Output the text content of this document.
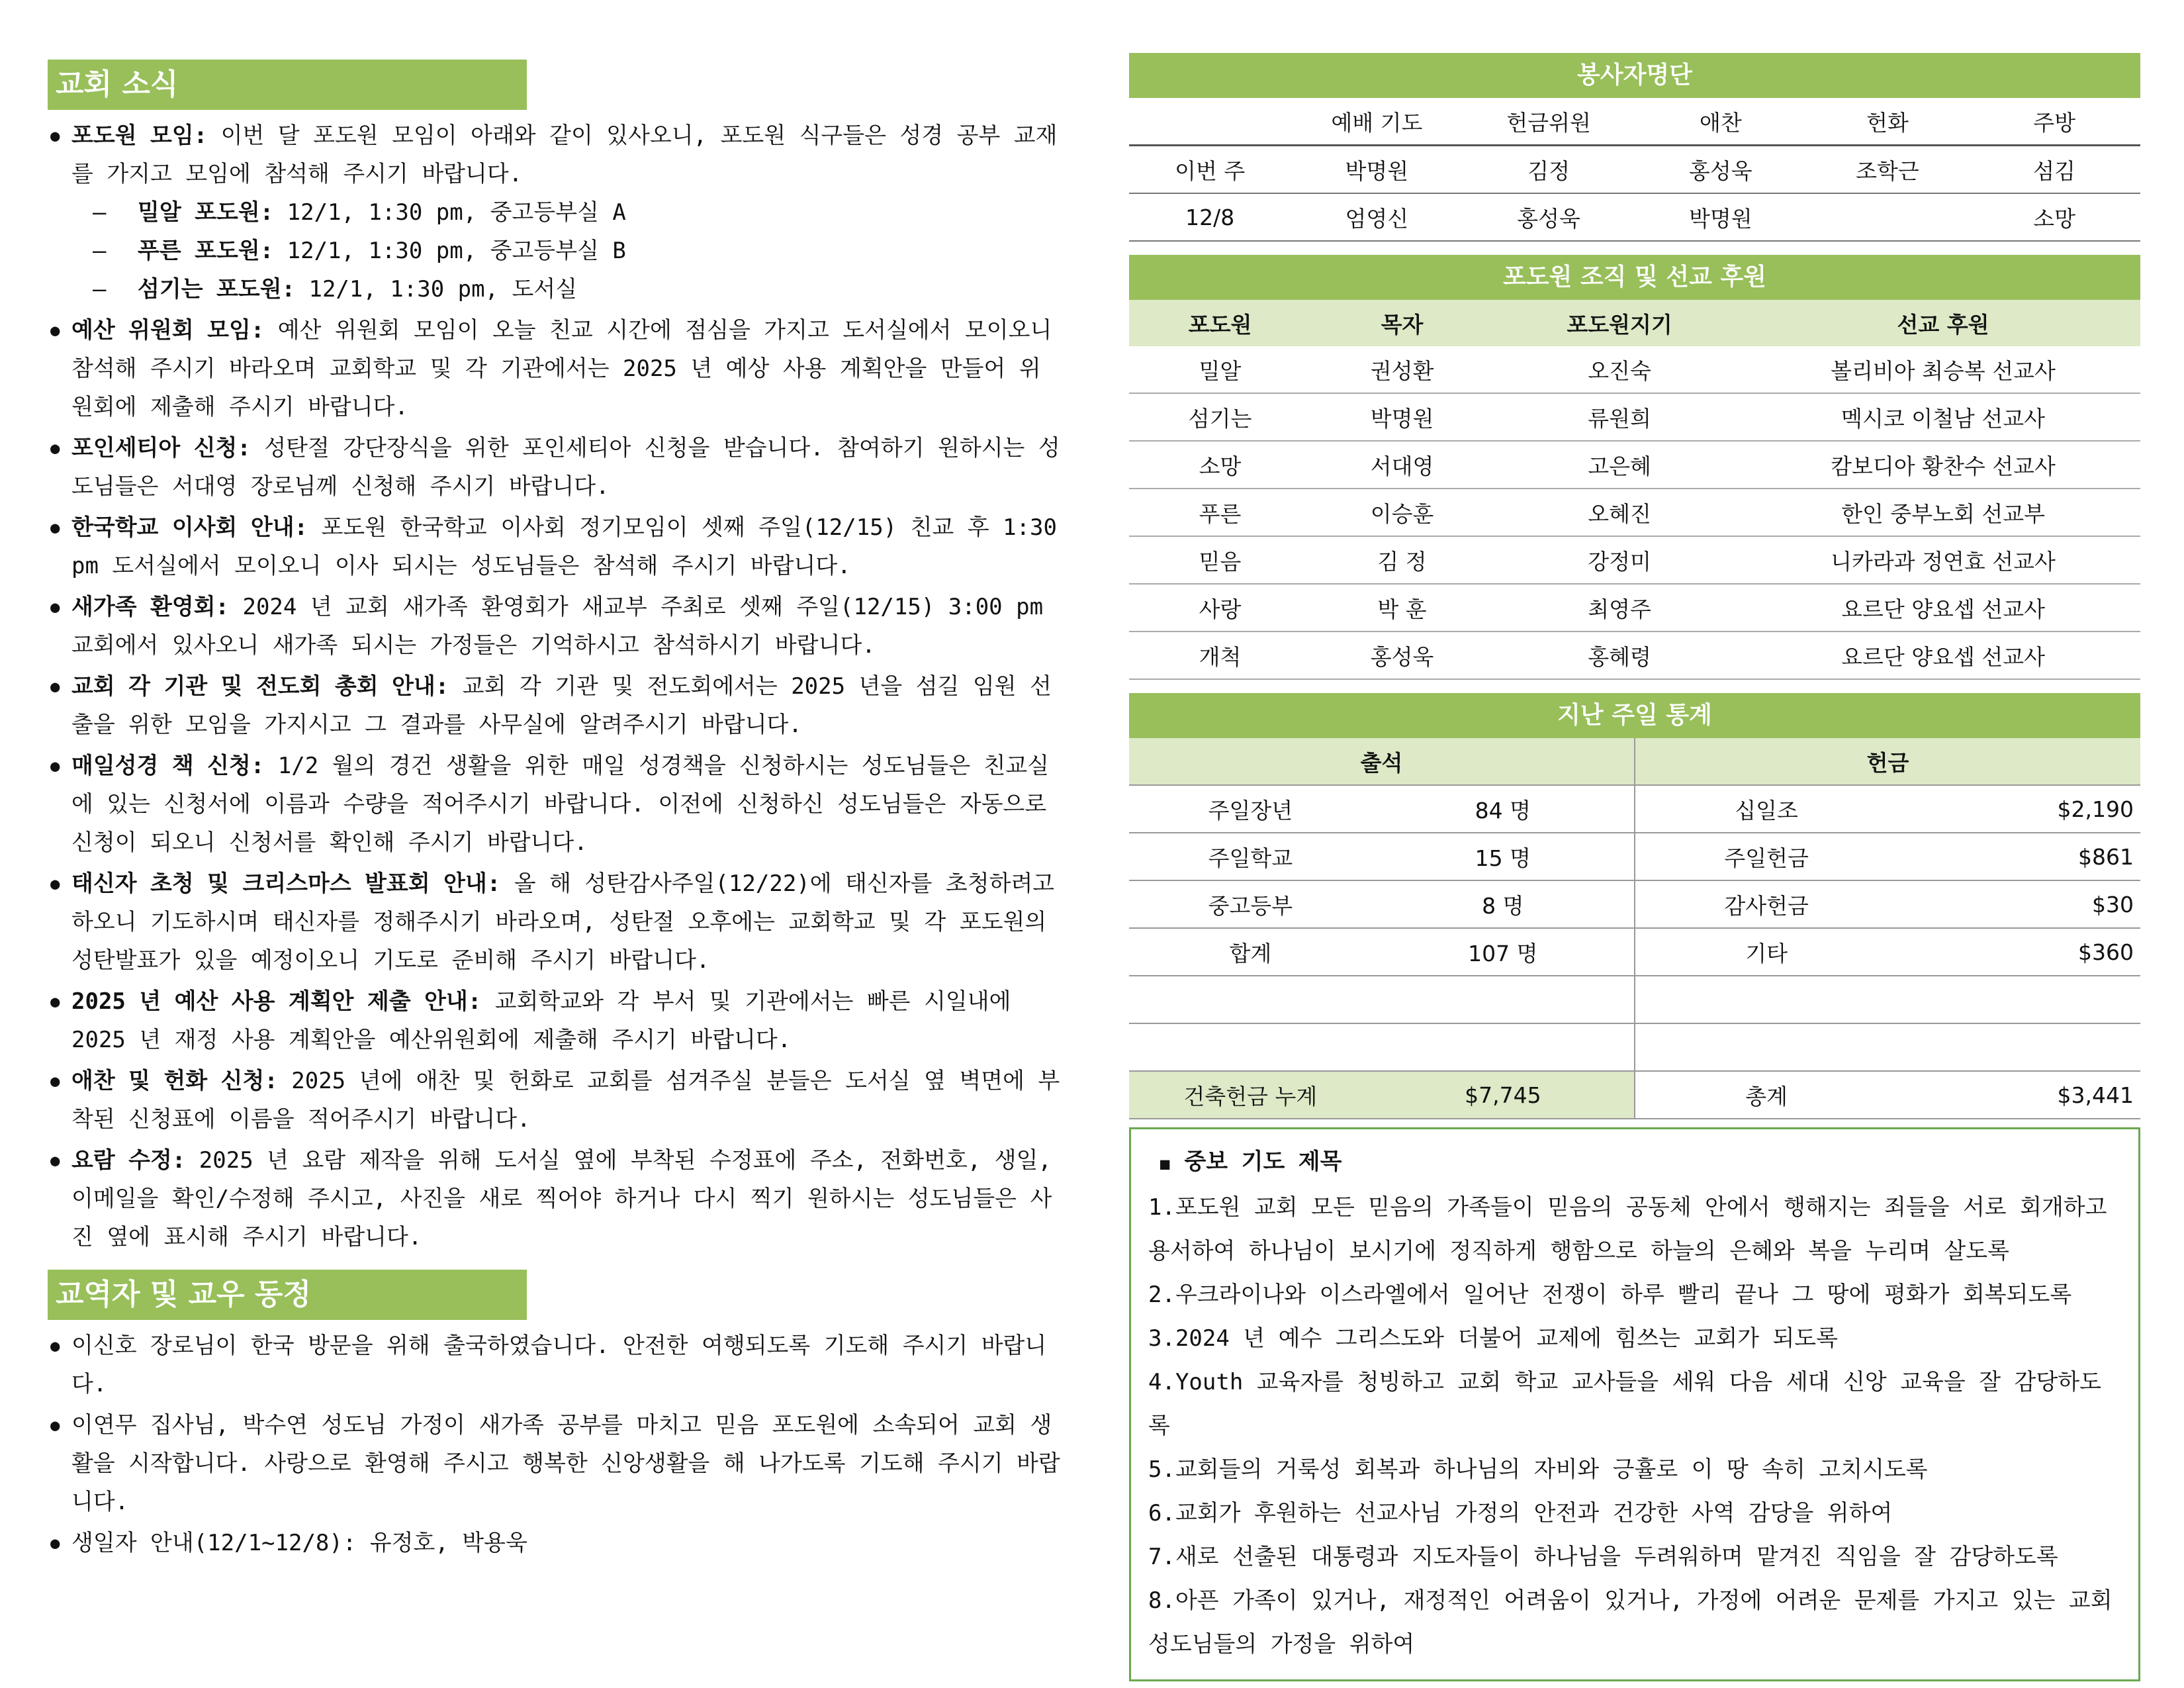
교회 소식
● 포도원 모임: 이번 달 포도원 모임이 아래와 같이 있사오니, 포도원 식구들은 성경 공부 교재를 가지고 모임에 참석해 주시기 바랍니다.
– 밀알 포도원: 12/1, 1:30 pm, 중고등부실 A
– 푸른 포도원: 12/1, 1:30 pm, 중고등부실 B
– 섬기는 포도원: 12/1, 1:30 pm, 도서실
● 예산 위원회 모임: 예산 위원회 모임이 오늘 친교 시간에 점심을 가지고 도서실에서 모이오니 참석해 주시기 바라오며 교회학교 및 각 기관에서는 2025 년 예상 사용 계획안을 만들어 위원회에 제출해 주시기 바랍니다.
● 포인세티아 신청: 성탄절 강단장식을 위한 포인세티아 신청을 받습니다. 참여하기 원하시는 성도님들은 서대영 장로님께 신청해 주시기 바랍니다.
● 한국학교 이사회 안내: 포도원 한국학교 이사회 정기모임이 셋째 주일(12/15) 친교 후 1:30 pm 도서실에서 모이오니 이사 되시는 성도님들은 참석해 주시기 바랍니다.
● 새가족 환영회: 2024 년 교회 새가족 환영회가 새교부 주최로 셋째 주일(12/15) 3:00 pm 교회에서 있사오니 새가족 되시는 가정들은 기억하시고 참석하시기 바랍니다.
● 교회 각 기관 및 전도회 총회 안내: 교회 각 기관 및 전도회에서는 2025 년을 섬길 임원 선출을 위한 모임을 가지시고 그 결과를 사무실에 알려주시기 바랍니다.
● 매일성경 책 신청: 1/2 월의 경건 생활을 위한 매일 성경책을 신청하시는 성도님들은 친교실에 있는 신청서에 이름과 수량을 적어주시기 바랍니다. 이전에 신청하신 성도님들은 자동으로 신청이 되오니 신청서를 확인해 주시기 바랍니다.
● 태신자 초청 및 크리스마스 발표회 안내: 올 해 성탄감사주일(12/22)에 태신자를 초청하려고 하오니 기도하시며 태신자를 정해주시기 바라오며, 성탄절 오후에는 교회학교 및 각 포도원의 성탄발표가 있을 예정이오니 기도로 준비해 주시기 바랍니다.
● 2025 년 예산 사용 계획안 제출 안내: 교회학교와 각 부서 및 기관에서는 빠른 시일내에 2025 년 재정 사용 계획안을 예산위원회에 제출해 주시기 바랍니다.
● 애찬 및 헌화 신청: 2025 년에 애찬 및 헌화로 교회를 섬겨주실 분들은 도서실 옆 벽면에 부착된 신청표에 이름을 적어주시기 바랍니다.
● 요람 수정: 2025 년 요람 제작을 위해 도서실 옆에 부착된 수정표에 주소, 전화번호, 생일, 이메일을 확인/수정해 주시고, 사진을 새로 찍어야 하거나 다시 찍기 원하시는 성도님들은 사진 옆에 표시해 주시기 바랍니다.
교역자 및 교우 동정
● 이신호 장로님이 한국 방문을 위해 출국하였습니다. 안전한 여행되도록 기도해 주시기 바랍니다.
● 이연무 집사님, 박수연 성도님 가정이 새가족 공부를 마치고 믿음 포도원에 소속되어 교회 생활을 시작합니다. 사랑으로 환영해 주시고 행복한 신앙생활을 해 나가도록 기도해 주시기 바랍니다.
● 생일자 안내(12/1~12/8): 유정호, 박용욱
봉사자명단
	예배 기도	헌금위원	애찬	헌화	주방
이번 주	박명원	김정	홍성욱	조학근	섬김
12/8	엄영신	홍성욱	박명원		소망
포도원 조직 및 선교 후원
포도원	목자	포도원지기	선교 후원
밀알	권성환	오진숙	볼리비아 최승복 선교사
섬기는	박명원	류원희	멕시코 이철남 선교사
소망	서대영	고은혜	캄보디아 황찬수 선교사
푸른	이승훈	오혜진	한인 중부노회 선교부
믿음	김 정	강정미	니카라과 정연효 선교사
사랑	박 훈	최영주	요르단 양요셉 선교사
개척	홍성욱	홍혜령	요르단 양요셉 선교사
지난 주일 통계
출석		헌금	
주일장년	84 명	십일조	$2,190
주일학교	15 명	주일헌금	$861
중고등부	8 명	감사헌금	$30
합계	107 명	기타	$360

건축헌금 누계	$7,745	총계	$3,441
■ 중보 기도 제목
1.포도원 교회 모든 믿음의 가족들이 믿음의 공동체 안에서 행해지는 죄들을 서로 회개하고 용서하여 하나님이 보시기에 정직하게 행함으로 하늘의 은혜와 복을 누리며 살도록
2.우크라이나와 이스라엘에서 일어난 전쟁이 하루 빨리 끝나 그 땅에 평화가 회복되도록
3.2024 년 예수 그리스도와 더불어 교제에 힘쓰는 교회가 되도록
4.Youth 교육자를 청빙하고 교회 학교 교사들을 세워 다음 세대 신앙 교육을 잘 감당하도록
5.교회들의 거룩성 회복과 하나님의 자비와 긍휼로 이 땅 속히 고치시도록
6.교회가 후원하는 선교사님 가정의 안전과 건강한 사역 감당을 위하여
7.새로 선출된 대통령과 지도자들이 하나님을 두려워하며 맡겨진 직임을 잘 감당하도록
8.아픈 가족이 있거나, 재정적인 어려움이 있거나, 가정에 어려운 문제를 가지고 있는 교회 성도님들의 가정을 위하여
